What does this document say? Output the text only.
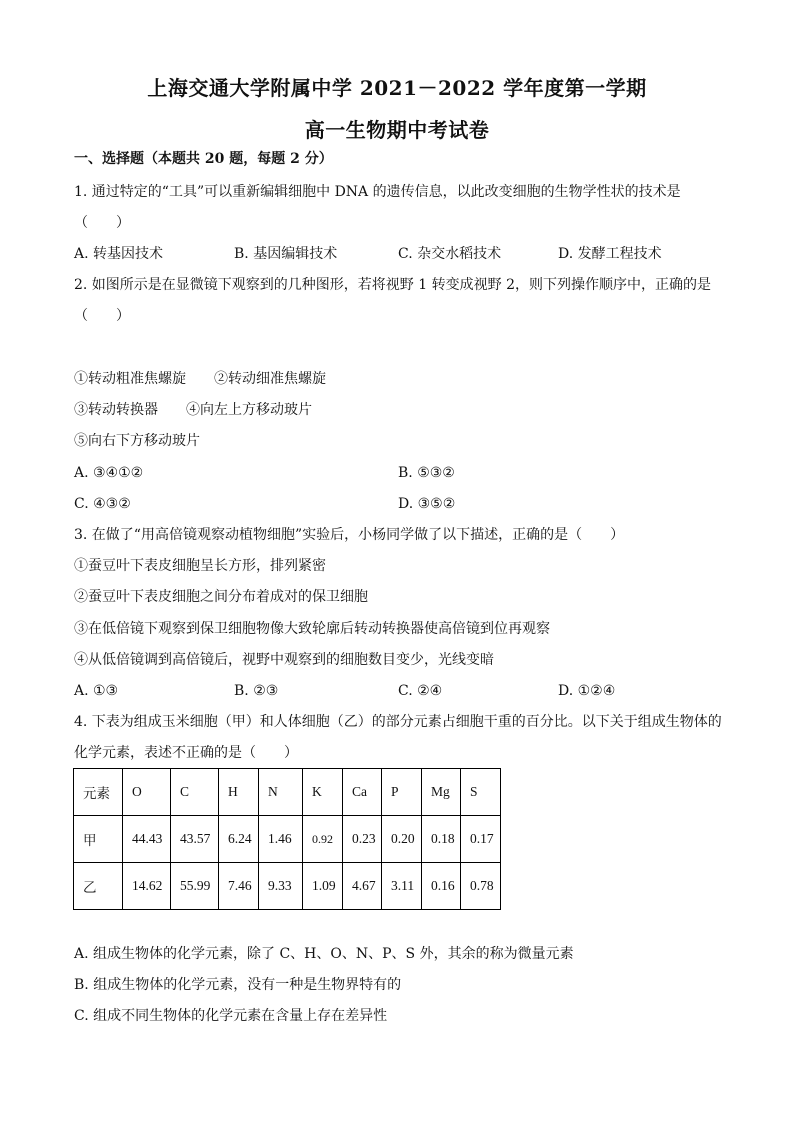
上海交通大学附属中学 2021－2022 学年度第一学期
高一生物期中考试卷
一、选择题（本题共 20 题，每题 2 分）
1. 通过特定的“工具”可以重新编辑细胞中 DNA 的遗传信息，以此改变细胞的生物学性状的技术是
（　　）
A. 转基因技术	B. 基因编辑技术	C. 杂交水稻技术	D. 发酵工程技术
2. 如图所示是在显微镜下观察到的几种图形，若将视野 1 转变成视野 2，则下列操作顺序中，正确的是
（　　）
①转动粗准焦螺旋　　②转动细准焦螺旋
③转动转换器　　④向左上方移动玻片
⑤向右下方移动玻片
A. ③④①②	B. ⑤③②
C. ④③②	D. ③⑤②
3. 在做了“用高倍镜观察动植物细胞”实验后，小杨同学做了以下描述，正确的是（　　）
①蚕豆叶下表皮细胞呈长方形，排列紧密
②蚕豆叶下表皮细胞之间分布着成对的保卫细胞
③在低倍镜下观察到保卫细胞物像大致轮廓后转动转换器使高倍镜到位再观察
④从低倍镜调到高倍镜后，视野中观察到的细胞数目变少，光线变暗
A. ①③	B. ②③	C. ②④	D. ①②④
4. 下表为组成玉米细胞（甲）和人体细胞（乙）的部分元素占细胞干重的百分比。以下关于组成生物体的
化学元素，表述不正确的是（　　）
元素	O	C	H	N	K	Ca	P	Mg	S
甲	44.43	43.57	6.24	1.46	0.92	0.23	0.20	0.18	0.17
乙	14.62	55.99	7.46	9.33	1.09	4.67	3.11	0.16	0.78
A. 组成生物体的化学元素，除了 C、H、O、N、P、S 外，其余的称为微量元素
B. 组成生物体的化学元素，没有一种是生物界特有的
C. 组成不同生物体的化学元素在含量上存在差异性
